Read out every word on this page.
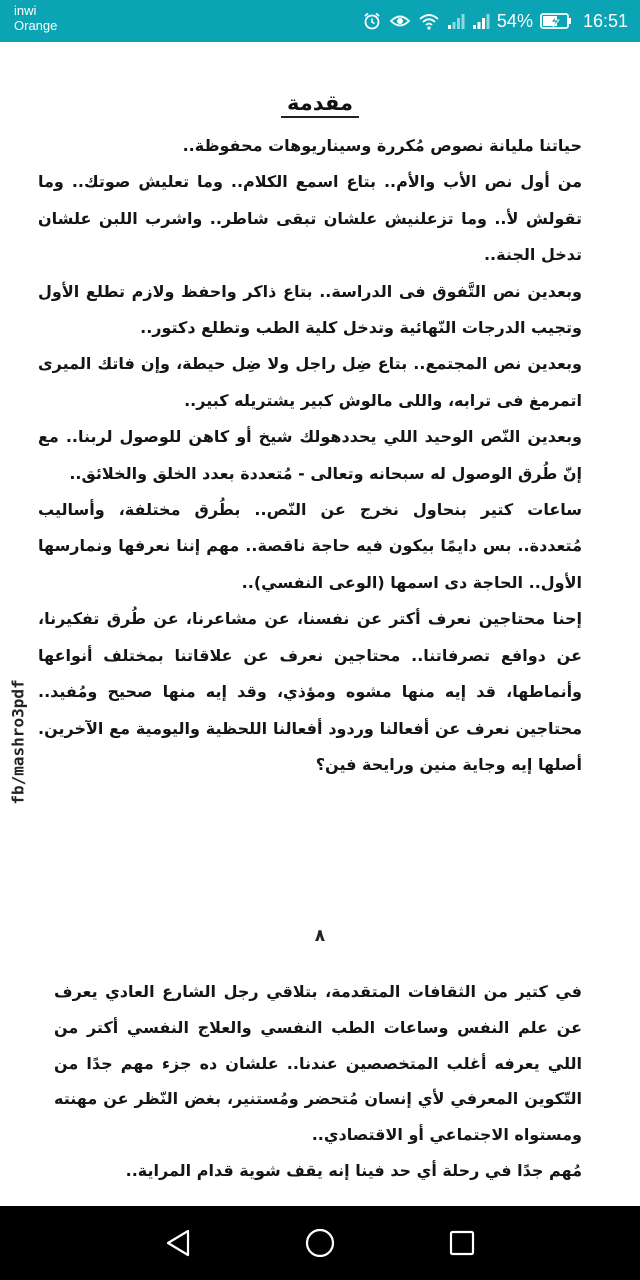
inwi
Orange	54%	16:51
مقدمة

حياتنا مليانة نصوص مُكررة وسيناريوهات محفوظة..

من أول نص الأب والأم.. بتاع اسمع الكلام.. وما تعليش صوتك.. وما تقولش لأ.. وما تزعلنيش علشان تبقى شاطر.. واشرب اللبن علشان تدخل الجنة..

وبعدين نص التَّفوق فى الدراسة.. بتاع ذاكر واحفظ ولازم تطلع الأول وتجيب الدرجات النّهائية وتدخل كلية الطب وتطلع دكتور..

وبعدين نص المجتمع.. بتاع ضِل راجل ولا ضِل حيطة، وإن فاتك الميرى اتمرمغ فى ترابه، واللى مالوش كبير يشتريله كبير..

وبعدين النّص الوحيد اللي يحددهولك شيخ أو كاهن للوصول لربنا.. مع إنّ طُرق الوصول له سبحانه وتعالى - مُتعددة بعدد الخلق والخلائق..

ساعات كتير بنحاول نخرج عن النّص.. بطُرق مختلفة، وأساليب مُتعددة.. بس دايمًا بيكون فيه حاجة ناقصة.. مهم إننا نعرفها ونمارسها الأول.. الحاجة دى اسمها (الوعى النفسي)..

إحنا محتاجين نعرف أكتر عن نفسنا، عن مشاعرنا، عن طُرق تفكيرنا، عن دوافع تصرفاتنا.. محتاجين نعرف عن علاقاتنا بمختلف أنواعها وأنماطها، قد إيه منها مشوه ومؤذي، وقد إيه منها صحيح ومُفيد.. محتاجين نعرف عن أفعالنا وردود أفعالنا اللحظية واليومية مع الآخرين. أصلها إيه وجاية منين ورايحة فين؟

٨

في كتير من الثقافات المتقدمة، بتلاقي رجل الشارع العادي يعرف عن علم النفس وساعات الطب النفسي والعلاج النفسي أكتر من اللي يعرفه أغلب المتخصصين عندنا.. علشان ده جزء مهم جدًا من التّكوين المعرفي لأي إنسان مُتحضر ومُستنير، بغض النّظر عن مهنته ومستواه الاجتماعي أو الاقتصادي..

مُهم جدًا في رحلة أي حد فينا إنه يقف شوية قدام المراية..

fb/mashro3pdf
